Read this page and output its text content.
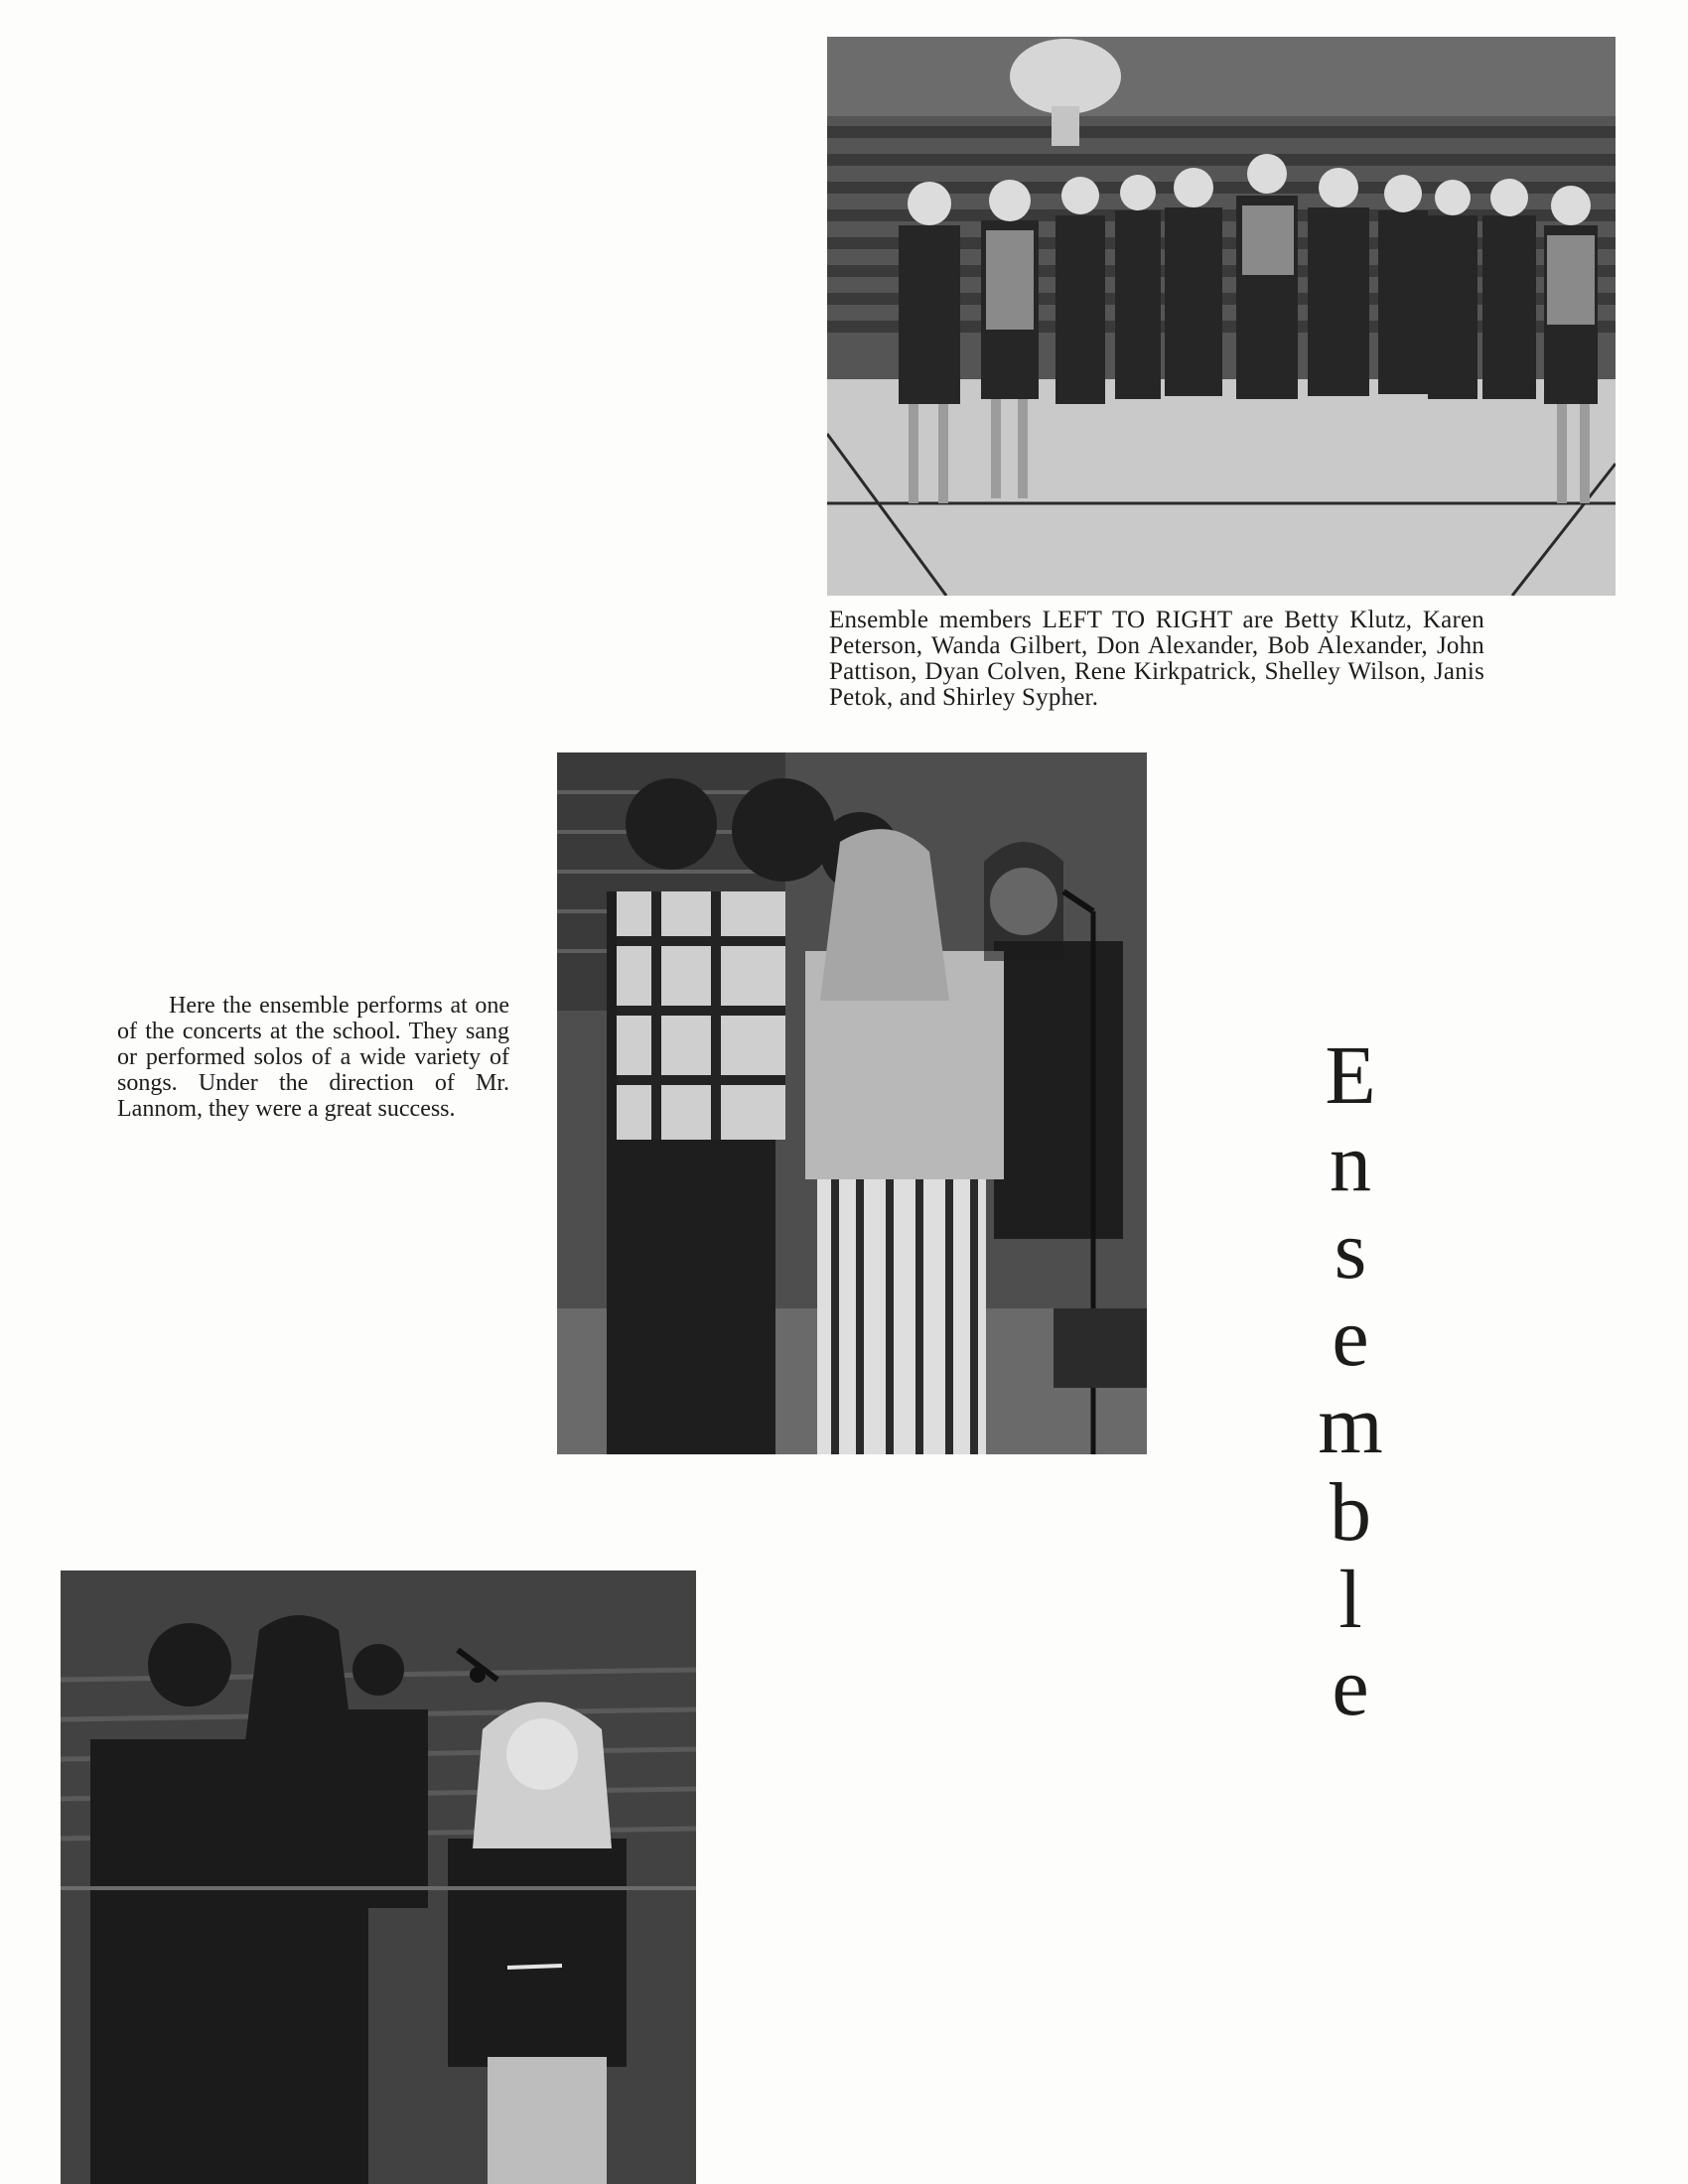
Ensemble members LEFT TO RIGHT are Betty Klutz, Karen Peterson, Wanda Gilbert, Don Alexander, Bob Alexander, John Pattison, Dyan Colven, Rene Kirkpatrick, Shelley Wilson, Janis Petok, and Shirley Sypher.

Here the ensemble performs at one of the concerts at the school. They sang or performed solos of a wide variety of songs. Under the direction of Mr. Lannom, they were a great success.	E
n
s
e
m
b
l
e
